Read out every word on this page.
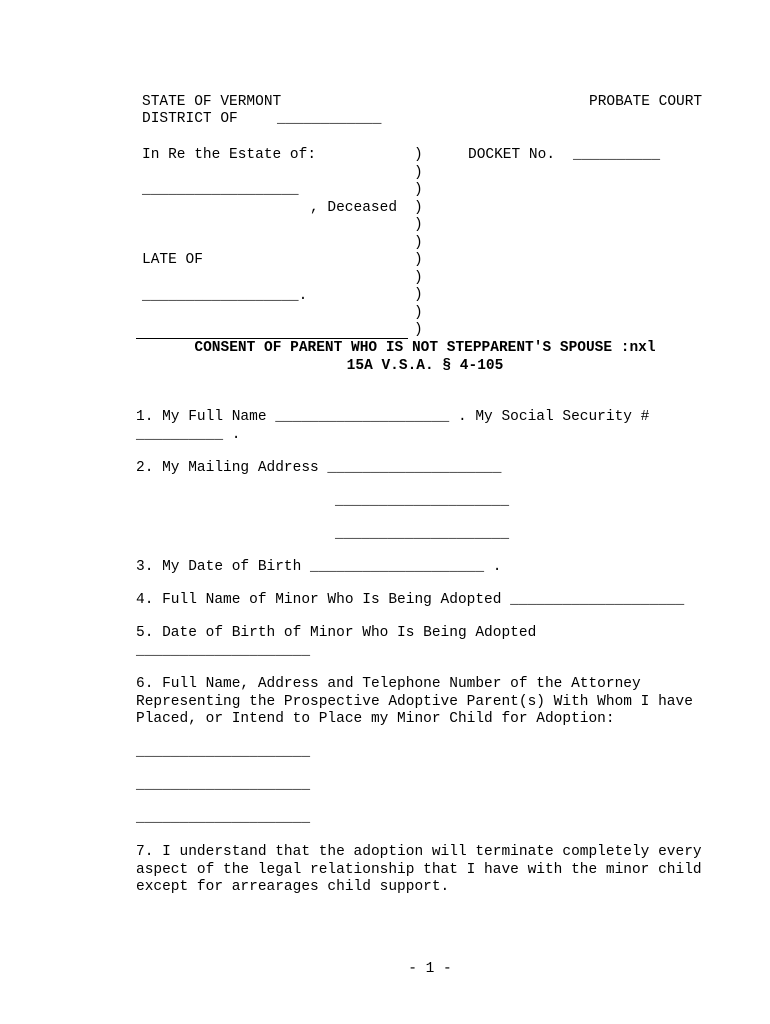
STATE OF VERMONT	PROBATE COURT
DISTRICT OF	____________
In Re the Estate of:	DOCKET No. __________
__________________
, Deceased
LATE OF
__________________.
)
)
)
)
)
)
)
)
)
)
)
CONSENT OF PARENT WHO IS NOT STEPPARENT'S SPOUSE :nxl
15A V.S.A. § 4-105
1. My Full Name ____________________ . My Social Security #
__________ .
2. My Mailing Address ____________________
____________________
____________________
3. My Date of Birth ____________________ .
4. Full Name of Minor Who Is Being Adopted ____________________
5. Date of Birth of Minor Who Is Being Adopted
____________________
6. Full Name, Address and Telephone Number of the Attorney Representing the Prospective Adoptive Parent(s) With Whom I have Placed, or Intend to Place my Minor Child for Adoption:
____________________
____________________
____________________
7. I understand that the adoption will terminate completely every aspect of the legal relationship that I have with the minor child except for arrearages child support.
- 1 -
